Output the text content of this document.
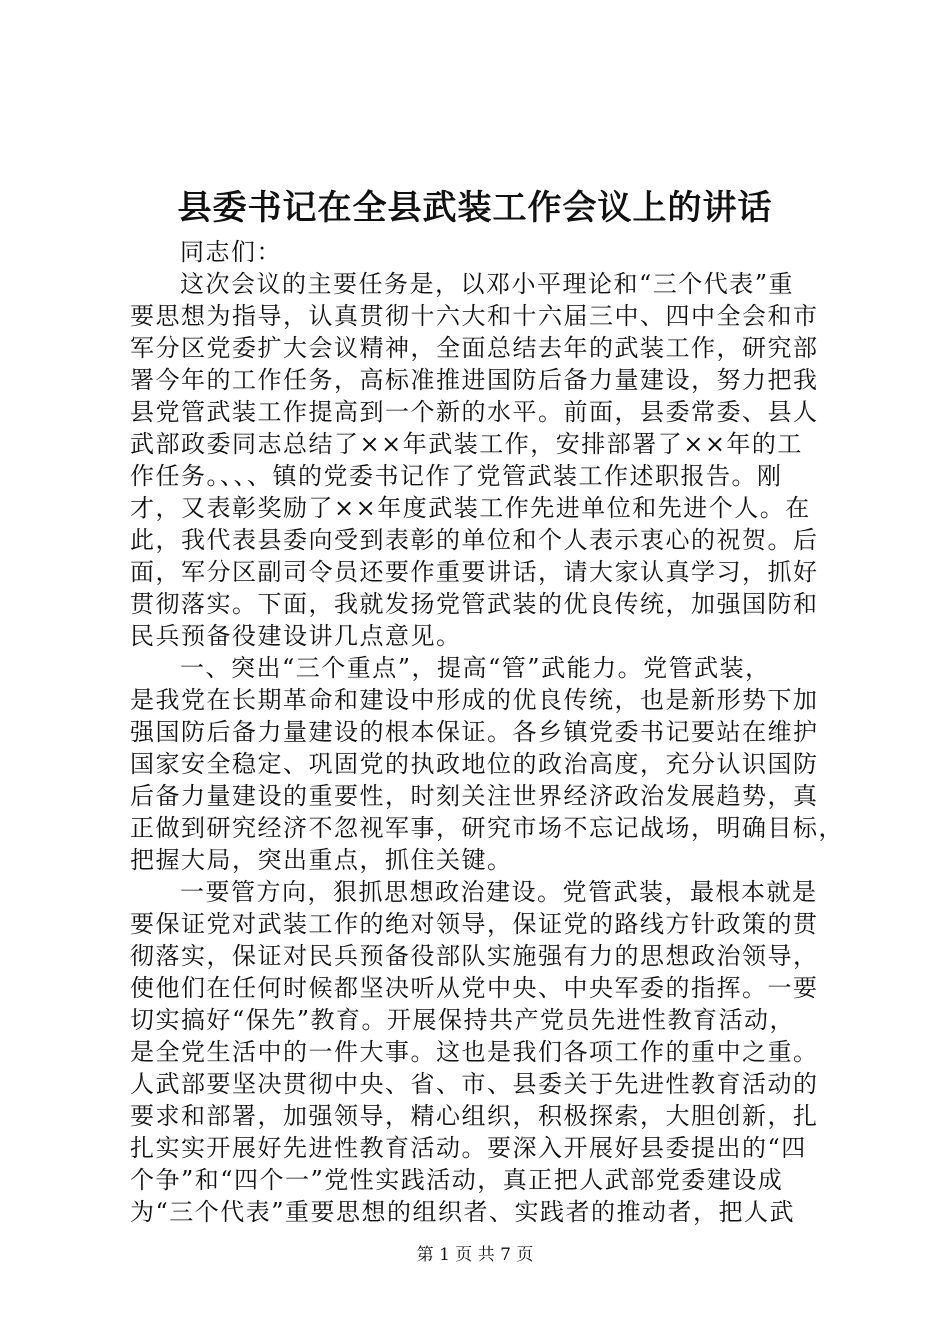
县委书记在全县武装工作会议上的讲话
同志们：
这次会议的主要任务是，以邓小平理论和“三个代表”重
要思想为指导，认真贯彻十六大和十六届三中、四中全会和市
军分区党委扩大会议精神，全面总结去年的武装工作，研究部
署今年的工作任务，高标准推进国防后备力量建设，努力把我
县党管武装工作提高到一个新的水平。前面，县委常委、县人
武部政委同志总结了××年武装工作，安排部署了××年的工
作任务。、、、镇的党委书记作了党管武装工作述职报告。刚
才，又表彰奖励了××年度武装工作先进单位和先进个人。在
此，我代表县委向受到表彰的单位和个人表示衷心的祝贺。后
面，军分区副司令员还要作重要讲话，请大家认真学习，抓好
贯彻落实。下面，我就发扬党管武装的优良传统，加强国防和
民兵预备役建设讲几点意见。
一、突出“三个重点”，提高“管”武能力。党管武装，
是我党在长期革命和建设中形成的优良传统，也是新形势下加
强国防后备力量建设的根本保证。各乡镇党委书记要站在维护
国家安全稳定、巩固党的执政地位的政治高度，充分认识国防
后备力量建设的重要性，时刻关注世界经济政治发展趋势，真
正做到研究经济不忽视军事，研究市场不忘记战场，明确目标，
把握大局，突出重点，抓住关键。
一要管方向，狠抓思想政治建设。党管武装，最根本就是
要保证党对武装工作的绝对领导，保证党的路线方针政策的贯
彻落实，保证对民兵预备役部队实施强有力的思想政治领导，
使他们在任何时候都坚决听从党中央、中央军委的指挥。一要
切实搞好“保先”教育。开展保持共产党员先进性教育活动，
是全党生活中的一件大事。这也是我们各项工作的重中之重。
人武部要坚决贯彻中央、省、市、县委关于先进性教育活动的
要求和部署，加强领导，精心组织，积极探索，大胆创新，扎
扎实实开展好先进性教育活动。要深入开展好县委提出的“四
个争”和“四个一”党性实践活动，真正把人武部党委建设成
为“三个代表”重要思想的组织者、实践者的推动者，把人武
第 1 页 共 7 页
